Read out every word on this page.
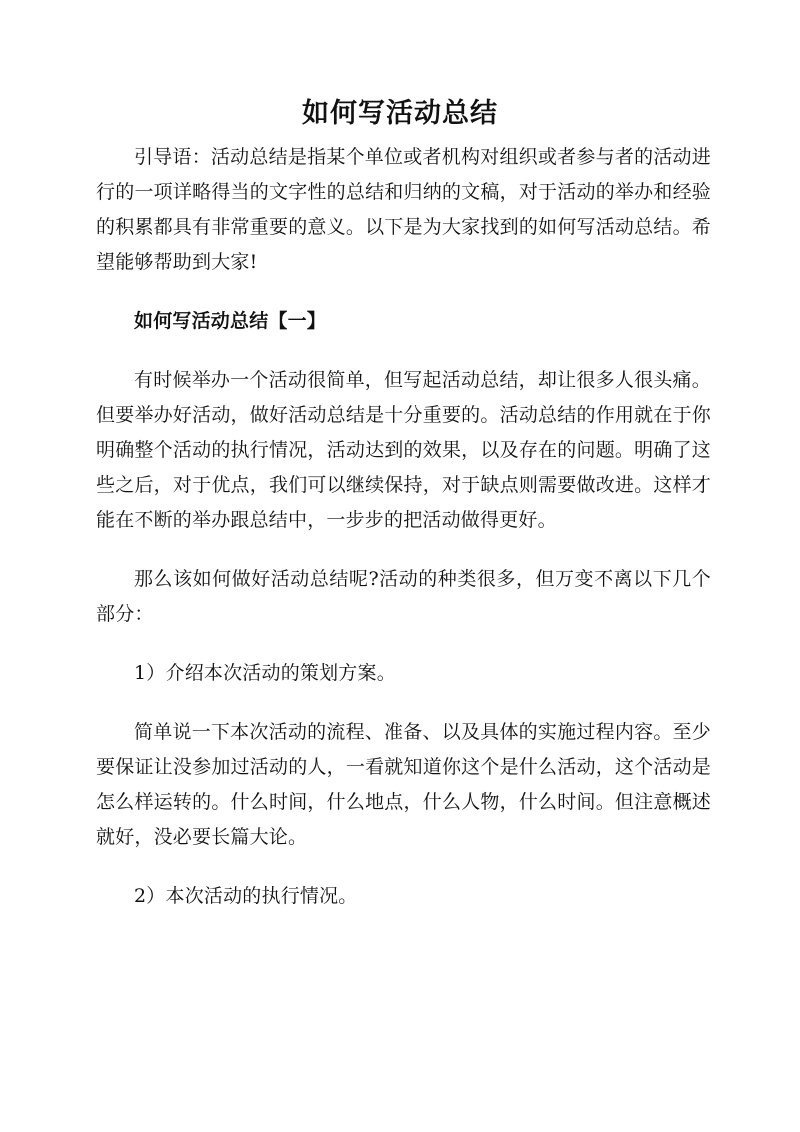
如何写活动总结

引导语：活动总结是指某个单位或者机构对组织或者参与者的活动进行的一项详略得当的文字性的总结和归纳的文稿，对于活动的举办和经验的积累都具有非常重要的意义。以下是为大家找到的如何写活动总结。希望能够帮助到大家!

如何写活动总结【一】

有时候举办一个活动很简单，但写起活动总结，却让很多人很头痛。但要举办好活动，做好活动总结是十分重要的。活动总结的作用就在于你明确整个活动的执行情况，活动达到的效果，以及存在的问题。明确了这些之后，对于优点，我们可以继续保持，对于缺点则需要做改进。这样才能在不断的举办跟总结中，一步步的把活动做得更好。

那么该如何做好活动总结呢?活动的种类很多，但万变不离以下几个部分：

1）介绍本次活动的策划方案。

简单说一下本次活动的流程、准备、以及具体的实施过程内容。至少要保证让没参加过活动的人，一看就知道你这个是什么活动，这个活动是怎么样运转的。什么时间，什么地点，什么人物，什么时间。但注意概述就好，没必要长篇大论。

2）本次活动的执行情况。
